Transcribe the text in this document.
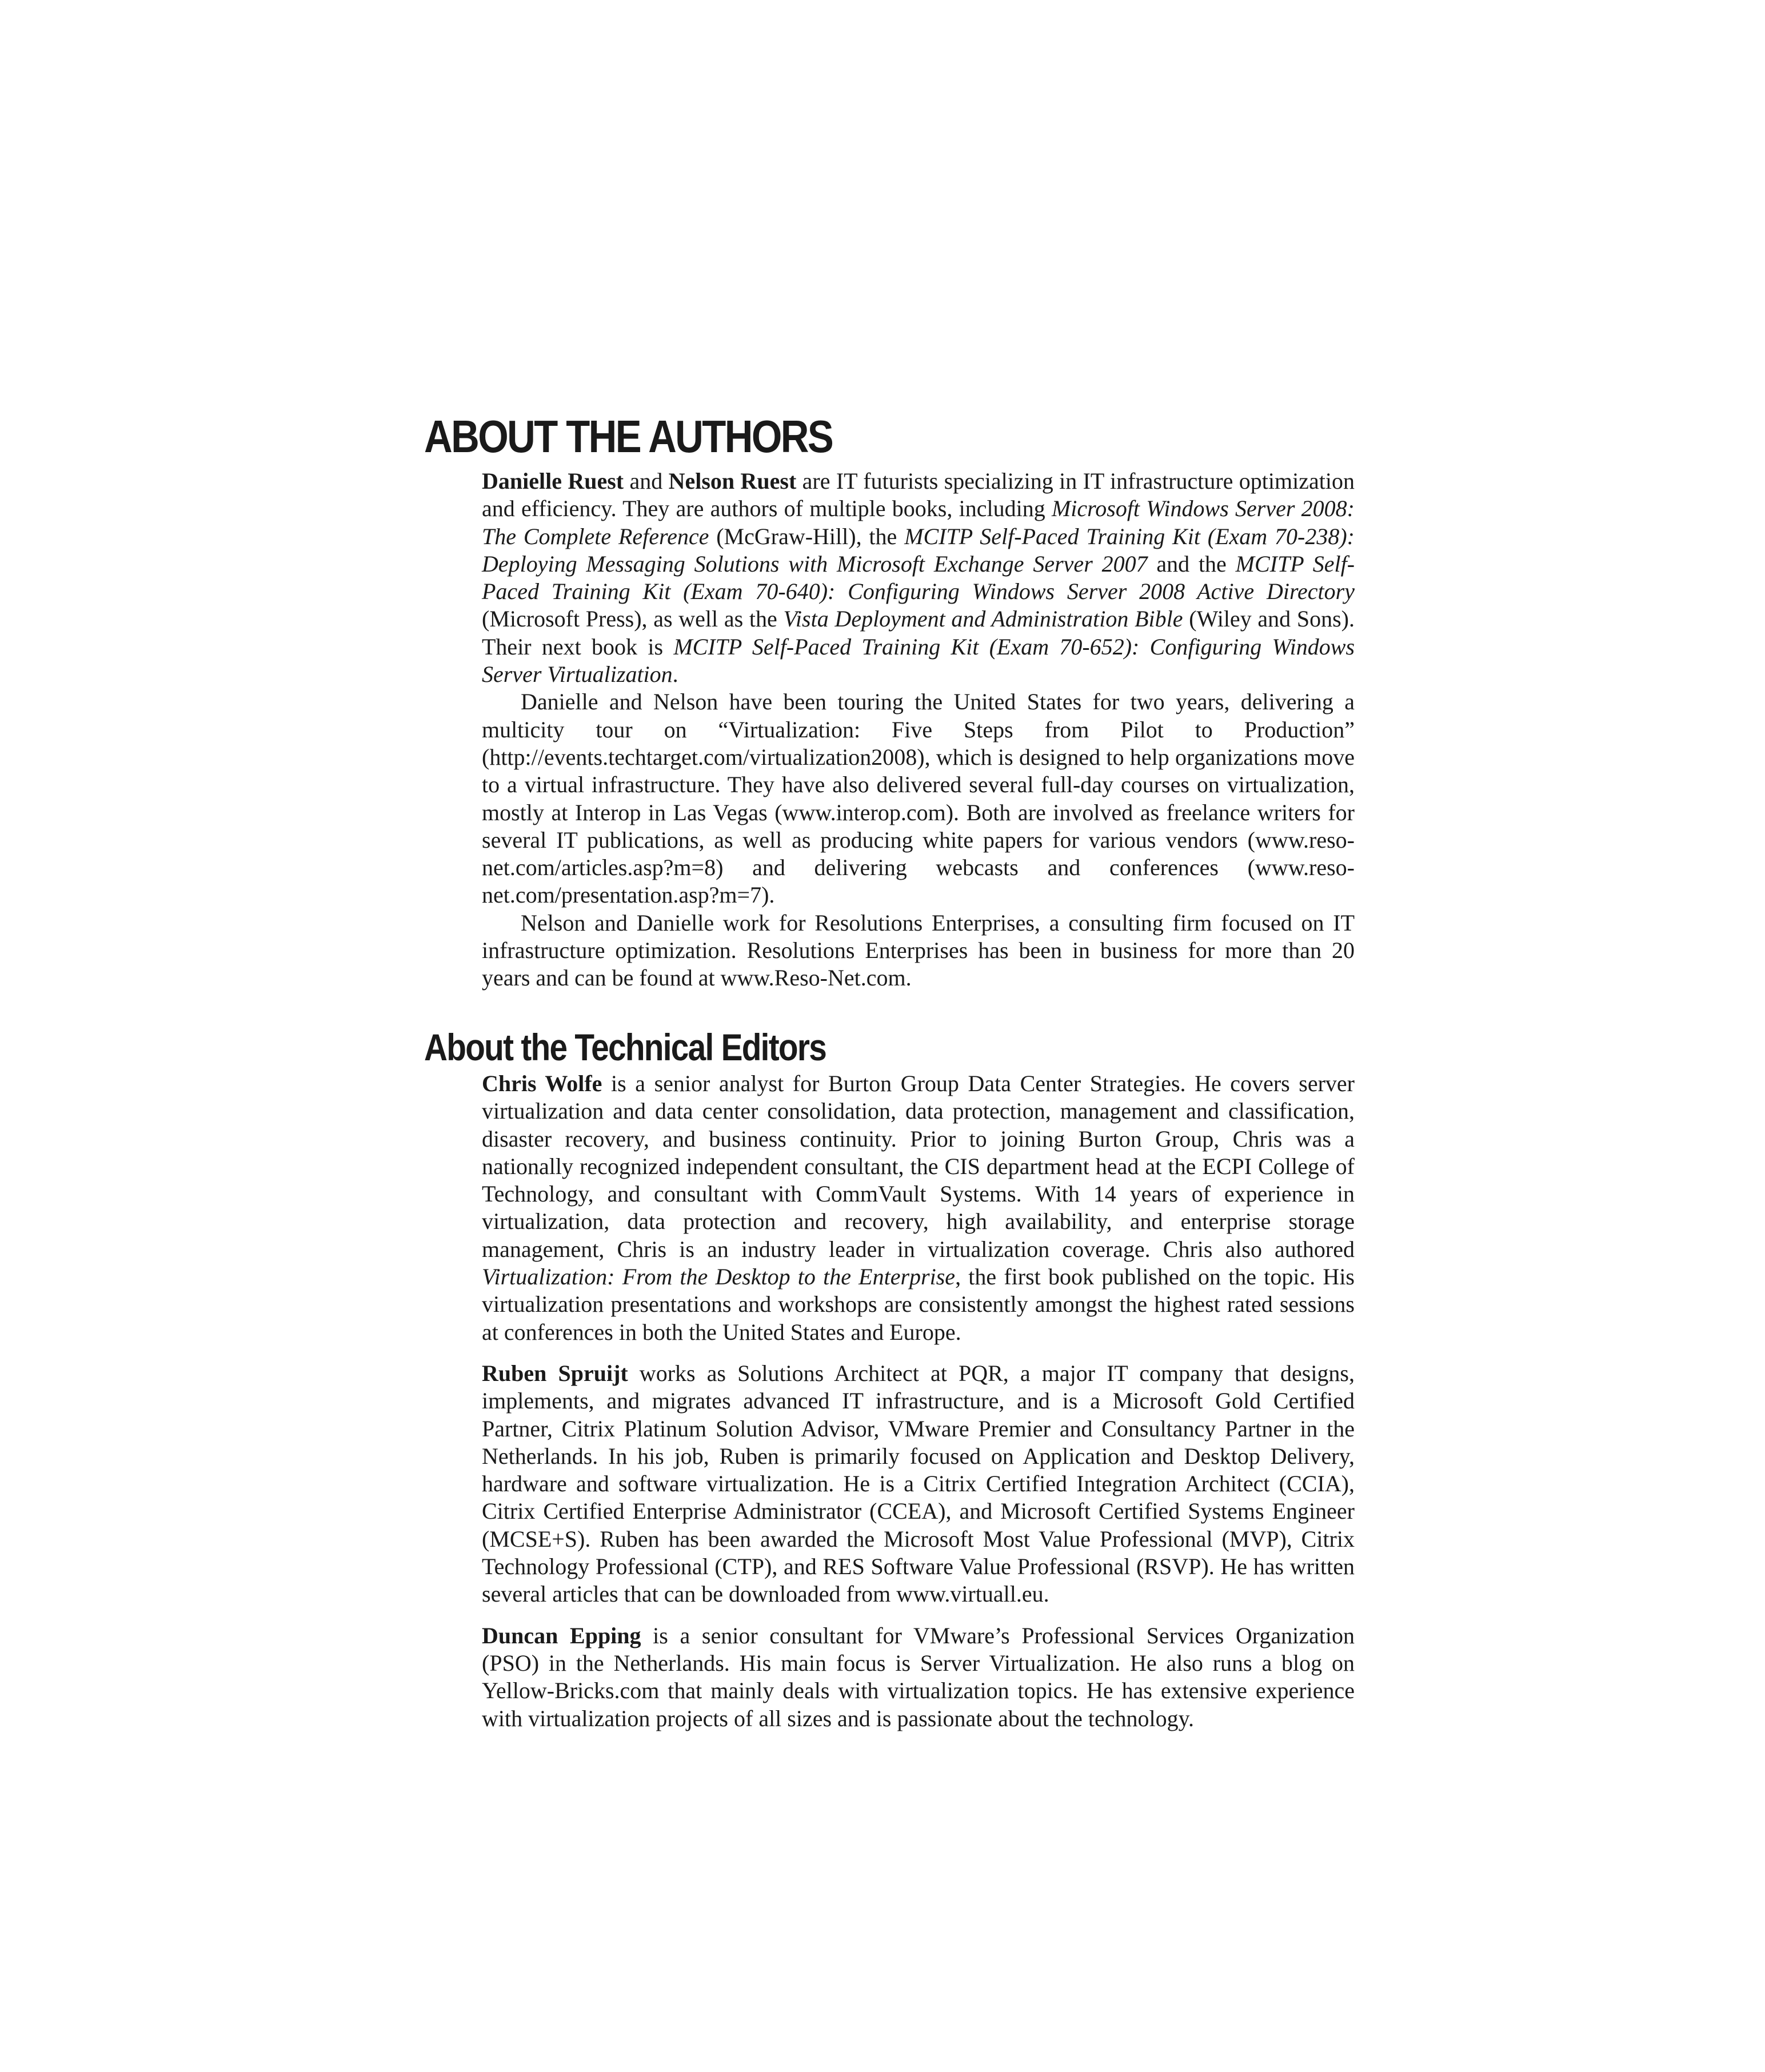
ABOUT THE AUTHORS

Danielle Ruest and Nelson Ruest are IT futurists specializing in IT infrastructure optimization and efficiency. They are authors of multiple books, including Microsoft Windows Server 2008: The Complete Reference (McGraw-Hill), the MCITP Self-Paced Training Kit (Exam 70-238): Deploying Messaging Solutions with Microsoft Exchange Server 2007 and the MCITP Self-Paced Training Kit (Exam 70-640): Configuring Windows Server 2008 Active Directory (Microsoft Press), as well as the Vista Deployment and Administration Bible (Wiley and Sons). Their next book is MCITP Self-Paced Training Kit (Exam 70-652): Configuring Windows Server Virtualization.

Danielle and Nelson have been touring the United States for two years, delivering a multicity tour on “Virtualization: Five Steps from Pilot to Production” (http://events.techtarget.com/virtualization2008), which is designed to help organizations move to a virtual infrastructure. They have also delivered several full-day courses on virtualization, mostly at Interop in Las Vegas (www.interop.com). Both are involved as freelance writers for several IT publications, as well as producing white papers for various vendors (www.reso-net.com/articles.asp?m=8) and delivering webcasts and conferences (www.reso-net.com/presentation.asp?m=7).

Nelson and Danielle work for Resolutions Enterprises, a consulting firm focused on IT infrastructure optimization. Resolutions Enterprises has been in business for more than 20 years and can be found at www.Reso-Net.com.

About the Technical Editors

Chris Wolfe is a senior analyst for Burton Group Data Center Strategies. He covers server virtualization and data center consolidation, data protection, management and classification, disaster recovery, and business continuity. Prior to joining Burton Group, Chris was a nationally recognized independent consultant, the CIS department head at the ECPI College of Technology, and consultant with CommVault Systems. With 14 years of experience in virtualization, data protection and recovery, high availability, and enterprise storage management, Chris is an industry leader in virtualization coverage. Chris also authored Virtualization: From the Desktop to the Enterprise, the first book published on the topic. His virtualization presentations and workshops are consistently amongst the highest rated sessions at conferences in both the United States and Europe.

Ruben Spruijt works as Solutions Architect at PQR, a major IT company that designs, implements, and migrates advanced IT infrastructure, and is a Microsoft Gold Certified Partner, Citrix Platinum Solution Advisor, VMware Premier and Consultancy Partner in the Netherlands. In his job, Ruben is primarily focused on Application and Desktop Delivery, hardware and software virtualization. He is a Citrix Certified Integration Architect (CCIA), Citrix Certified Enterprise Administrator (CCEA), and Microsoft Certified Systems Engineer (MCSE+S). Ruben has been awarded the Microsoft Most Value Professional (MVP), Citrix Technology Professional (CTP), and RES Software Value Professional (RSVP). He has written several articles that can be downloaded from www.virtuall.eu.

Duncan Epping is a senior consultant for VMware’s Professional Services Organization (PSO) in the Netherlands. His main focus is Server Virtualization. He also runs a blog on Yellow-Bricks.com that mainly deals with virtualization topics. He has extensive experience with virtualization projects of all sizes and is passionate about the technology.
